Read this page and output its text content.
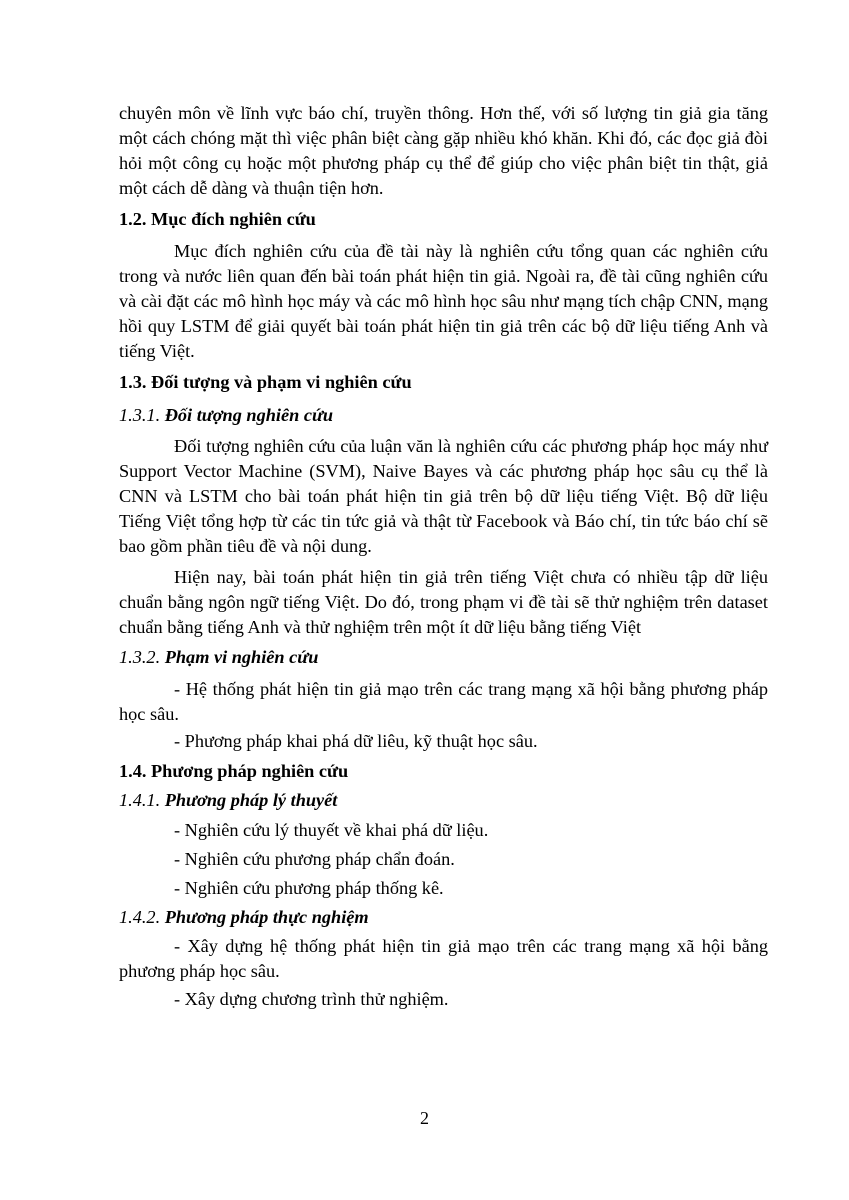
chuyên môn về lĩnh vực báo chí, truyền thông. Hơn thế, với số lượng tin giả gia tăng một cách chóng mặt thì việc phân biệt càng gặp nhiều khó khăn. Khi đó, các đọc giả đòi hỏi một công cụ hoặc một phương pháp cụ thể để giúp cho việc phân biệt tin thật, giả một cách dễ dàng và thuận tiện hơn.

1.2. Mục đích nghiên cứu

Mục đích nghiên cứu của đề tài này là nghiên cứu tổng quan các nghiên cứu trong và nước liên quan đến bài toán phát hiện tin giả. Ngoài ra, đề tài cũng nghiên cứu và cài đặt các mô hình học máy và các mô hình học sâu như mạng tích chập CNN, mạng hồi quy LSTM để giải quyết bài toán phát hiện tin giả trên các bộ dữ liệu tiếng Anh và tiếng Việt.

1.3. Đối tượng và phạm vi nghiên cứu

1.3.1. Đối tượng nghiên cứu

Đối tượng nghiên cứu của luận văn là nghiên cứu các phương pháp học máy như Support Vector Machine (SVM), Naive Bayes và các phương pháp học sâu cụ thể là CNN và LSTM cho bài toán phát hiện tin giả trên bộ dữ liệu tiếng Việt. Bộ dữ liệu Tiếng Việt tổng hợp từ các tin tức giả và thật từ Facebook và Báo chí, tin tức báo chí sẽ bao gồm phần tiêu đề và nội dung.

Hiện nay, bài toán phát hiện tin giả trên tiếng Việt chưa có nhiều tập dữ liệu chuẩn bằng ngôn ngữ tiếng Việt. Do đó, trong phạm vi đề tài sẽ thử nghiệm trên dataset chuẩn bằng tiếng Anh và thử nghiệm trên một ít dữ liệu bằng tiếng Việt

1.3.2. Phạm vi nghiên cứu

- Hệ thống phát hiện tin giả mạo trên các trang mạng xã hội bằng phương pháp học sâu.

- Phương pháp khai phá dữ liêu, kỹ thuật học sâu.

1.4. Phương pháp nghiên cứu

1.4.1. Phương pháp lý thuyết

- Nghiên cứu lý thuyết về khai phá dữ liệu.

- Nghiên cứu phương pháp chẩn đoán.

- Nghiên cứu phương pháp thống kê.

1.4.2. Phương pháp thực nghiệm

- Xây dựng hệ thống phát hiện tin giả mạo trên các trang mạng xã hội bằng phương pháp học sâu.

- Xây dựng chương trình thử nghiệm.

2
